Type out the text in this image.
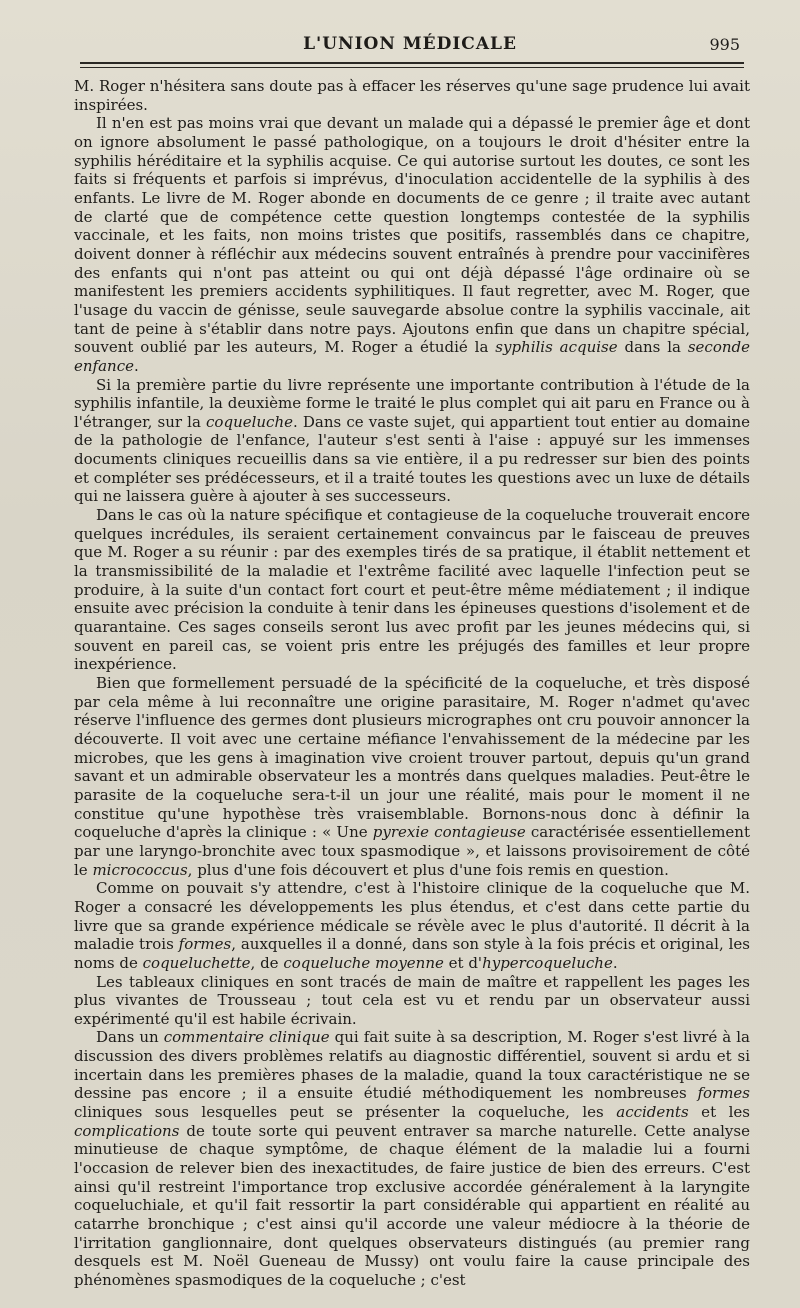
L'UNION MÉDICALE	995

M. Roger n'hésitera sans doute pas à effacer les réserves qu'une sage prudence lui avait inspirées.

Il n'en est pas moins vrai que devant un malade qui a dépassé le premier âge et dont on ignore absolument le passé pathologique, on a toujours le droit d'hésiter entre la syphilis héréditaire et la syphilis acquise. Ce qui autorise surtout les doutes, ce sont les faits si fréquents et parfois si imprévus, d'inoculation accidentelle de la syphilis à des enfants. Le livre de M. Roger abonde en documents de ce genre ; il traite avec autant de clarté que de compétence cette question longtemps contestée de la syphilis vaccinale, et les faits, non moins tristes que positifs, rassemblés dans ce chapitre, doivent donner à réfléchir aux médecins souvent entraînés à prendre pour vaccinifères des enfants qui n'ont pas atteint ou qui ont déjà dépassé l'âge ordinaire où se manifestent les premiers accidents syphilitiques. Il faut regretter, avec M. Roger, que l'usage du vaccin de génisse, seule sauvegarde absolue contre la syphilis vaccinale, ait tant de peine à s'établir dans notre pays. Ajoutons enfin que dans un chapitre spécial, souvent oublié par les auteurs, M. Roger a étudié la syphilis acquise dans la seconde enfance.

Si la première partie du livre représente une importante contribution à l'étude de la syphilis infantile, la deuxième forme le traité le plus complet qui ait paru en France ou à l'étranger, sur la coqueluche. Dans ce vaste sujet, qui appartient tout entier au domaine de la pathologie de l'enfance, l'auteur s'est senti à l'aise : appuyé sur les immenses documents cliniques recueillis dans sa vie entière, il a pu redresser sur bien des points et compléter ses prédécesseurs, et il a traité toutes les questions avec un luxe de détails qui ne laissera guère à ajouter à ses successeurs.

Dans le cas où la nature spécifique et contagieuse de la coqueluche trouverait encore quelques incrédules, ils seraient certainement convaincus par le faisceau de preuves que M. Roger a su réunir : par des exemples tirés de sa pratique, il établit nettement et la transmissibilité de la maladie et l'extrême facilité avec laquelle l'infection peut se produire, à la suite d'un contact fort court et peut-être même médiatement ; il indique ensuite avec précision la conduite à tenir dans les épineuses questions d'isolement et de quarantaine. Ces sages conseils seront lus avec profit par les jeunes médecins qui, si souvent en pareil cas, se voient pris entre les préjugés des familles et leur propre inexpérience.

Bien que formellement persuadé de la spécificité de la coqueluche, et très disposé par cela même à lui reconnaître une origine parasitaire, M. Roger n'admet qu'avec réserve l'influence des germes dont plusieurs micrographes ont cru pouvoir annoncer la découverte. Il voit avec une certaine méfiance l'envahissement de la médecine par les microbes, que les gens à imagination vive croient trouver partout, depuis qu'un grand savant et un admirable observateur les a montrés dans quelques maladies. Peut-être le parasite de la coqueluche sera-t-il un jour une réalité, mais pour le moment il ne constitue qu'une hypothèse très vraisemblable. Bornons-nous donc à définir la coqueluche d'après la clinique : « Une pyrexie contagieuse caractérisée essentiellement par une laryngo-bronchite avec toux spasmodique », et laissons provisoirement de côté le micrococcus, plus d'une fois découvert et plus d'une fois remis en question.

Comme on pouvait s'y attendre, c'est à l'histoire clinique de la coqueluche que M. Roger a consacré les développements les plus étendus, et c'est dans cette partie du livre que sa grande expérience médicale se révèle avec le plus d'autorité. Il décrit à la maladie trois formes, auxquelles il a donné, dans son style à la fois précis et original, les noms de coqueluchette, de coqueluche moyenne et d'hypercoqueluche.

Les tableaux cliniques en sont tracés de main de maître et rappellent les pages les plus vivantes de Trousseau ; tout cela est vu et rendu par un observateur aussi expérimenté qu'il est habile écrivain.

Dans un commentaire clinique qui fait suite à sa description, M. Roger s'est livré à la discussion des divers problèmes relatifs au diagnostic différentiel, souvent si ardu et si incertain dans les premières phases de la maladie, quand la toux caractéristique ne se dessine pas encore ; il a ensuite étudié méthodiquement les nombreuses formes cliniques sous lesquelles peut se présenter la coqueluche, les accidents et les complications de toute sorte qui peuvent entraver sa marche naturelle. Cette analyse minutieuse de chaque symptôme, de chaque élément de la maladie lui a fourni l'occasion de relever bien des inexactitudes, de faire justice de bien des erreurs. C'est ainsi qu'il restreint l'importance trop exclusive accordée généralement à la laryngite coqueluchiale, et qu'il fait ressortir la part considérable qui appartient en réalité au catarrhe bronchique ; c'est ainsi qu'il accorde une valeur médiocre à la théorie de l'irritation ganglionnaire, dont quelques observateurs distingués (au premier rang desquels est M. Noël Gueneau de Mussy) ont voulu faire la cause principale des phénomènes spasmodiques de la coqueluche ; c'est
